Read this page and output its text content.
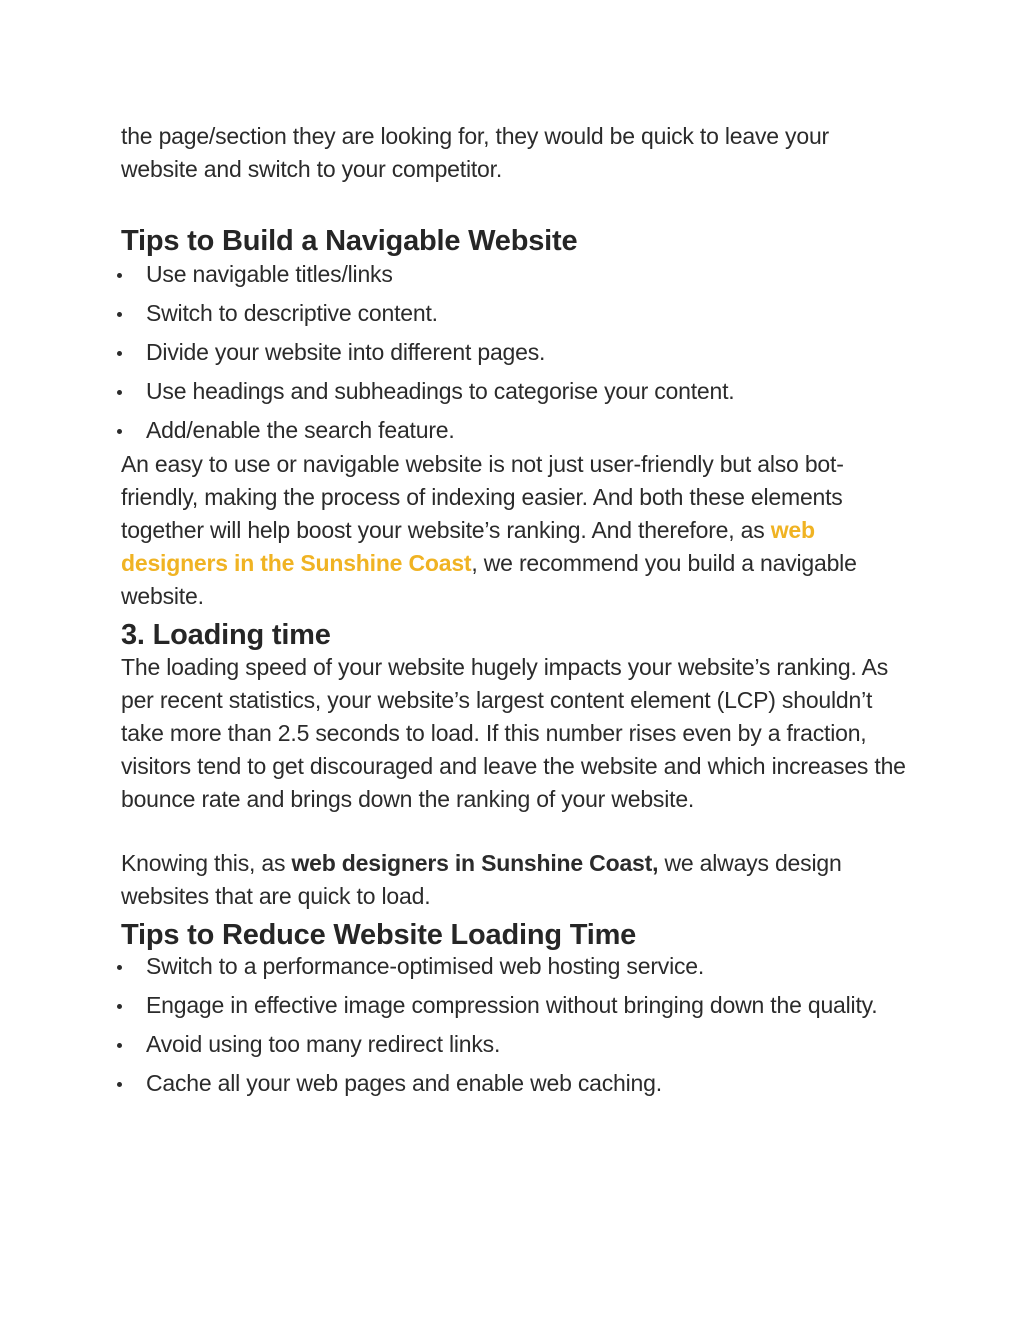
the page/section they are looking for, they would be quick to leave your website and switch to your competitor.

Tips to Build a Navigable Website
Use navigable titles/links
Switch to descriptive content.
Divide your website into different pages.
Use headings and subheadings to categorise your content.
Add/enable the search feature.

An easy to use or navigable website is not just user-friendly but also bot-friendly, making the process of indexing easier. And both these elements together will help boost your website’s ranking. And therefore, as web designers in the Sunshine Coast, we recommend you build a navigable website.

3. Loading time

The loading speed of your website hugely impacts your website’s ranking. As per recent statistics, your website’s largest content element (LCP) shouldn’t take more than 2.5 seconds to load. If this number rises even by a fraction, visitors tend to get discouraged and leave the website and which increases the bounce rate and brings down the ranking of your website.

Knowing this, as web designers in Sunshine Coast, we always design websites that are quick to load.

Tips to Reduce Website Loading Time
Switch to a performance-optimised web hosting service.
Engage in effective image compression without bringing down the quality.
Avoid using too many redirect links.
Cache all your web pages and enable web caching.
